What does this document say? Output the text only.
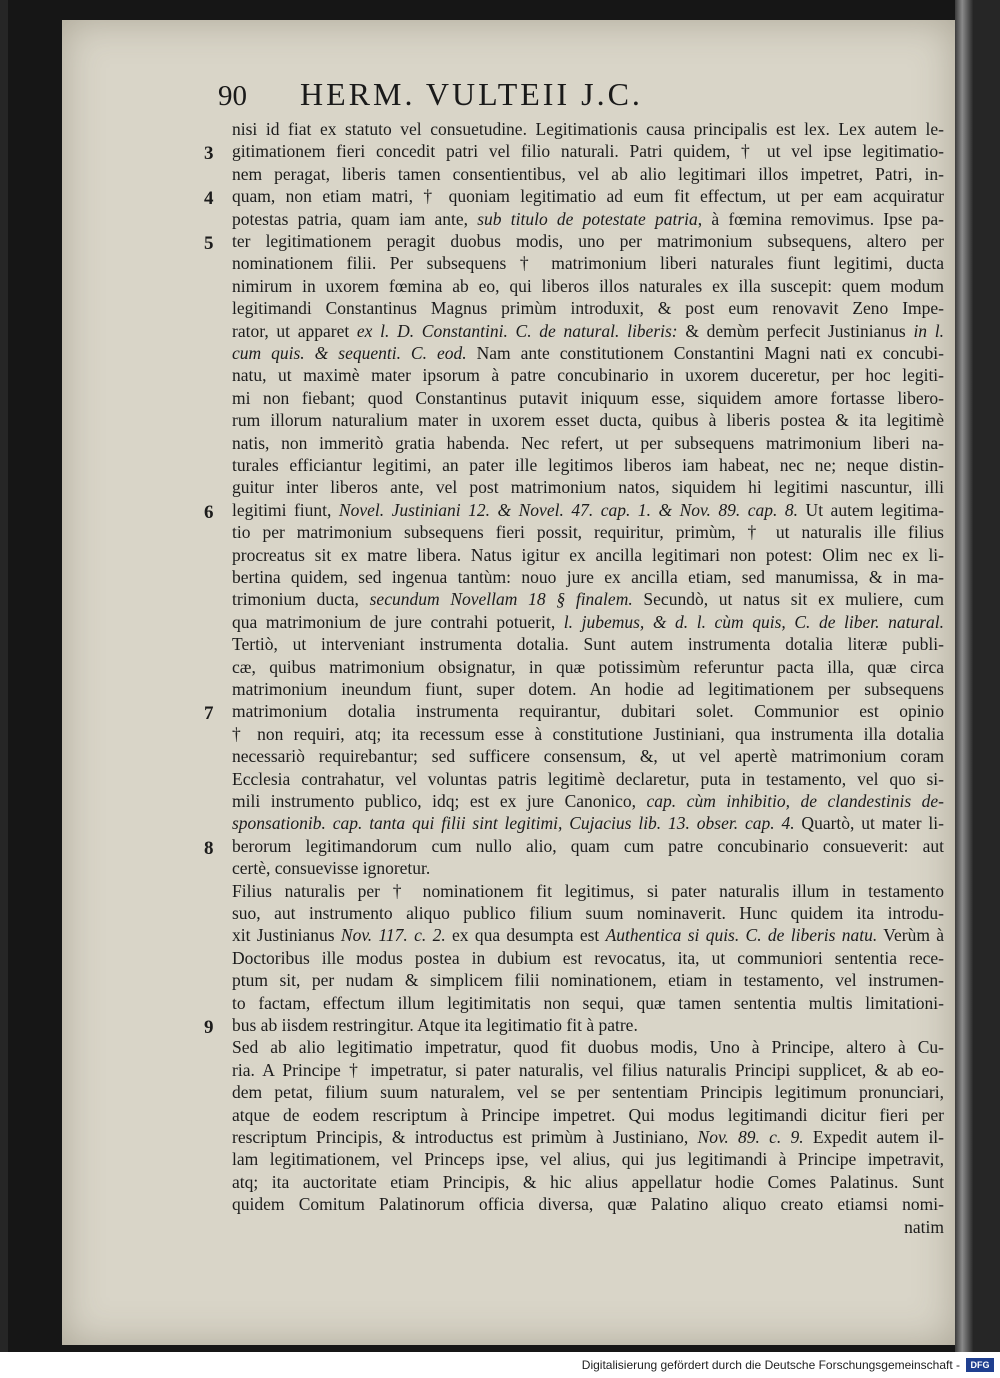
90 HERM. VULTEII J.C.
nisi id fiat ex statuto vel consuetudine. Legitimationis causa principalis est lex. Lex autem le-
gitimationem fieri concedit patri vel filio naturali. Patri quidem, † ut vel ipse legitimatio-
nem peragat, liberis tamen consentientibus, vel ab alio legitimari illos impetret, Patri, in-
quam, non etiam matri, † quoniam legitimatio ad eum fit effectum, ut per eam acquiratur
potestas patria, quam iam ante, sub titulo de potestate patria, à fœmina removimus. Ipse pa-
ter legitimationem peragit duobus modis, uno per matrimonium subsequens, altero per
nominationem filii. Per subsequens † matrimonium liberi naturales fiunt legitimi, ducta
nimirum in uxorem fœmina ab eo, qui liberos illos naturales ex illa suscepit: quem modum
legitimandi Constantinus Magnus primùm introduxit, & post eum renovavit Zeno Impe-
rator, ut apparet ex l. D. Constantini. C. de natural. liberis: & demùm perfecit Justinianus in l.
cum quis. & sequenti. C. eod. Nam ante constitutionem Constantini Magni nati ex concubi-
natu, ut maximè mater ipsorum à patre concubinario in uxorem duceretur, per hoc legiti-
mi non fiebant; quod Constantinus putavit iniquum esse, siquidem amore fortasse libero-
rum illorum naturalium mater in uxorem esset ducta, quibus à liberis postea & ita legitimè
natis, non immeritò gratia habenda. Nec refert, ut per subsequens matrimonium liberi na-
turales efficiantur legitimi, an pater ille legitimos liberos iam habeat, nec ne; neque distin-
guitur inter liberos ante, vel post matrimonium natos, siquidem hi legitimi nascuntur, illi
legitimi fiunt, Novel. Justiniani 12. & Novel. 47. cap. 1. & Nov. 89. cap. 8. Ut autem legitima-
tio per matrimonium subsequens fieri possit, requiritur, primùm, † ut naturalis ille filius
procreatus sit ex matre libera. Natus igitur ex ancilla legitimari non potest: Olim nec ex li-
bertina quidem, sed ingenua tantùm: nouo jure ex ancilla etiam, sed manumissa, & in ma-
trimonium ducta, secundum Novellam 18 § finalem. Secundò, ut natus sit ex muliere, cum
qua matrimonium de jure contrahi potuerit, l. jubemus, & d. l. cùm quis, C. de liber. natural.
Tertiò, ut interveniant instrumenta dotalia. Sunt autem instrumenta dotalia literæ publi-
cæ, quibus matrimonium obsignatur, in quæ potissimùm referuntur pacta illa, quæ circa
matrimonium ineundum fiunt, super dotem. An hodie ad legitimationem per subsequens
matrimonium dotalia instrumenta requirantur, dubitari solet. Communior est opinio
† non requiri, atq; ita recessum esse à constitutione Justiniani, qua instrumenta illa dotalia
necessariò requirebantur; sed sufficere consensum, &, ut vel apertè matrimonium coram
Ecclesia contrahatur, vel voluntas patris legitimè declaretur, puta in testamento, vel quo si-
mili instrumento publico, idq; est ex jure Canonico, cap. cùm inhibitio, de clandestinis de-
sponsationib. cap. tanta qui filii sint legitimi, Cujacius lib. 13. obser. cap. 4. Quartò, ut mater li-
berorum legitimandorum cum nullo alio, quam cum patre concubinario consueverit: aut
certè, consuevisse ignoretur.
Filius naturalis per † nominationem fit legitimus, si pater naturalis illum in testamento
suo, aut instrumento aliquo publico filium suum nominaverit. Hunc quidem ita introdu-
xit Justinianus Nov. 117. c. 2. ex qua desumpta est Authentica si quis. C. de liberis natu. Verùm à
Doctoribus ille modus postea in dubium est revocatus, ita, ut communiori sententia rece-
ptum sit, per nudam & simplicem filii nominationem, etiam in testamento, vel instrumen-
to factam, effectum illum legitimitatis non sequi, quæ tamen sententia multis limitationi-
bus ab iisdem restringitur. Atque ita legitimatio fit à patre.
Sed ab alio legitimatio impetratur, quod fit duobus modis, Uno à Principe, altero à Cu-
ria. A Principe † impetratur, si pater naturalis, vel filius naturalis Principi supplicet, & ab eo-
dem petat, filium suum naturalem, vel se per sententiam Principis legitimum pronunciari,
atque de eodem rescriptum à Principe impetret. Qui modus legitimandi dicitur fieri per
rescriptum Principis, & introductus est primùm à Justiniano, Nov. 89. c. 9. Expedit autem il-
lam legitimationem, vel Princeps ipse, vel alius, qui jus legitimandi à Principe impetravit,
atq; ita auctoritate etiam Principis, & hic alius appellatur hodie Comes Palatinus. Sunt
quidem Comitum Palatinorum officia diversa, quæ Palatino aliquo creato etiamsi nomi-
natim
3
4
5
6
7
8
9
Digitalisierung gefördert durch die Deutsche Forschungsgemeinschaft -	DFG
